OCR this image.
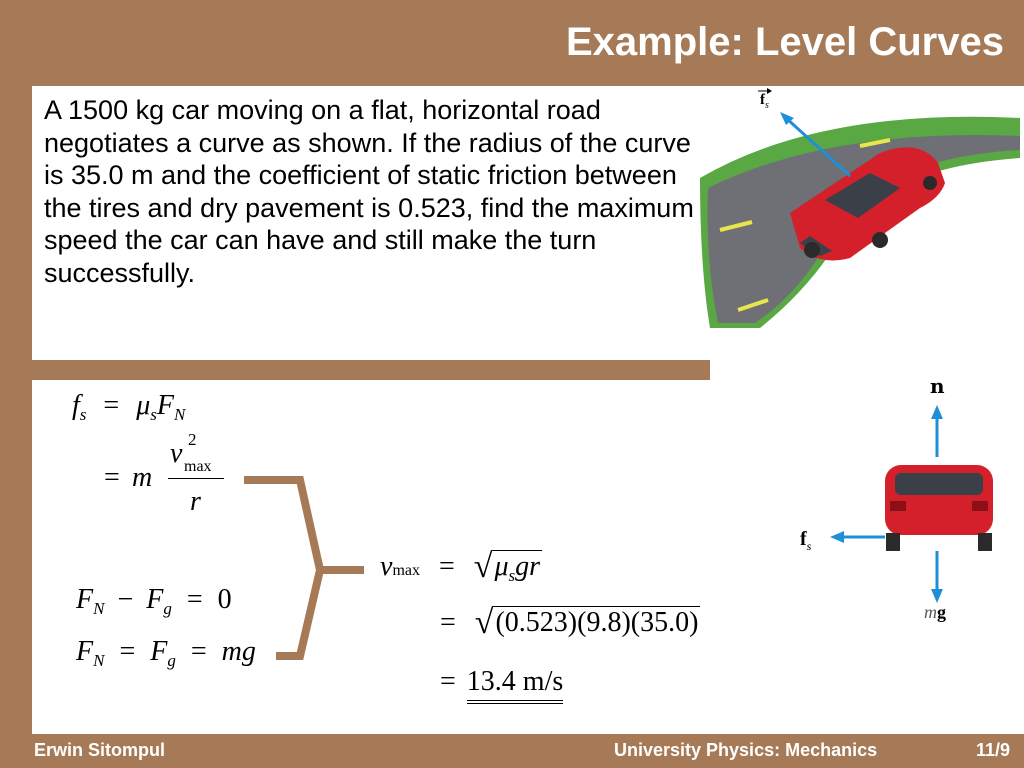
Example: Level Curves
A 1500 kg car moving on a flat, horizontal road negotiates a curve as shown. If the radius of the curve is 35.0 m and the coefficient of static friction between the tires and dry pavement is 0.523, find the maximum speed the car can have and still make the turn successfully.
$f_s$
$f_s = \mu_sF_N$
= m
v 2
max
r
$F_N - F_g = 0$
$F_N = F_g$ = mg
$vmax = √\mu_sgr$
= √(0.523)(9.8)(35.0)
= 13.4 m/s
n
$f_s$
mg
Erwin Sitompul	University Physics: Mechanics	11/9
